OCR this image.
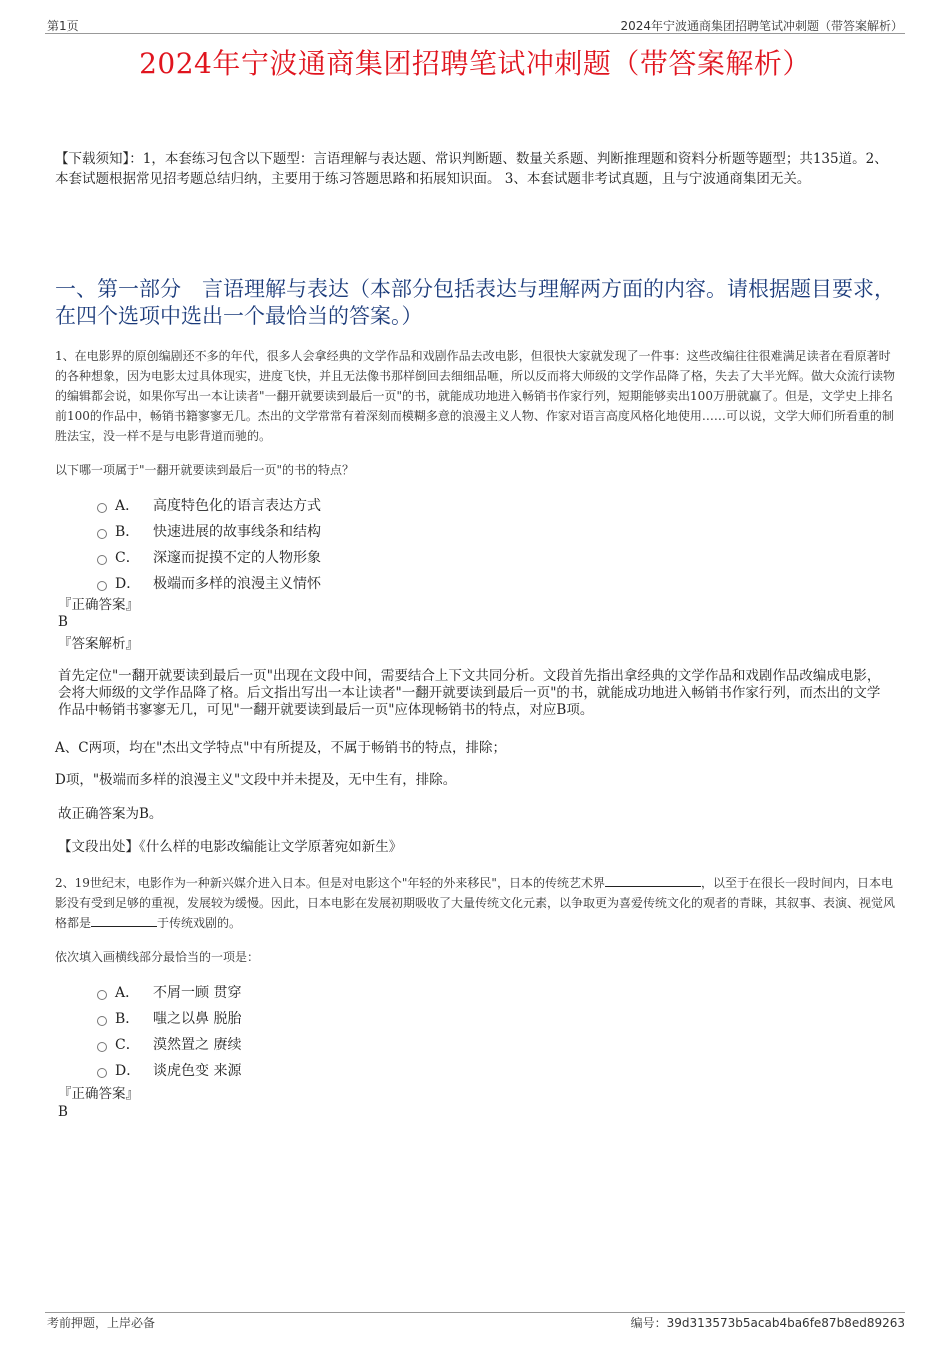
第1页	2024年宁波通商集团招聘笔试冲刺题（带答案解析）
2024年宁波通商集团招聘笔试冲刺题（带答案解析）
【下载须知】：1，本套练习包含以下题型：言语理解与表达题、常识判断题、数量关系题、判断推理题和资料分析题等题型；共135道。2、本套试题根据常见招考题总结归纳，主要用于练习答题思路和拓展知识面。 3、本套试题非考试真题，且与宁波通商集团无关。
一、第一部分　言语理解与表达（本部分包括表达与理解两方面的内容。请根据题目要求，在四个选项中选出一个最恰当的答案。）
1、在电影界的原创编剧还不多的年代，很多人会拿经典的文学作品和戏剧作品去改电影，但很快大家就发现了一件事：这些改编往往很难满足读者在看原著时的各种想象，因为电影太过具体现实，进度飞快，并且无法像书那样倒回去细细品咂，所以反而将大师级的文学作品降了格，失去了大半光辉。做大众流行读物的编辑都会说，如果你写出一本让读者"一翻开就要读到最后一页"的书，就能成功地进入畅销书作家行列，短期能够卖出100万册就赢了。但是，文学史上排名前100的作品中，畅销书籍寥寥无几。杰出的文学常常有着深刻而模糊多意的浪漫主义人物、作家对语言高度风格化地使用……可以说，文学大师们所看重的制胜法宝，没一样不是与电影背道而驰的。
以下哪一项属于"一翻开就要读到最后一页"的书的特点？
A． 高度特色化的语言表达方式
B． 快速进展的故事线条和结构
C． 深邃而捉摸不定的人物形象
D． 极端而多样的浪漫主义情怀
『正确答案』
B
『答案解析』
首先定位"一翻开就要读到最后一页"出现在文段中间，需要结合上下文共同分析。文段首先指出拿经典的文学作品和戏剧作品改编成电影，会将大师级的文学作品降了格。后文指出写出一本让读者"一翻开就要读到最后一页"的书，就能成功地进入畅销书作家行列，而杰出的文学作品中畅销书寥寥无几，可见"一翻开就要读到最后一页"应体现畅销书的特点，对应B项。
A、C两项，均在"杰出文学特点"中有所提及，不属于畅销书的特点，排除；
D项，"极端而多样的浪漫主义"文段中并未提及，无中生有，排除。
故正确答案为B。
【文段出处】《什么样的电影改编能让文学原著宛如新生》
2、19世纪末，电影作为一种新兴媒介进入日本。但是对电影这个"年轻的外来移民"，日本的传统艺术界	，以至于在很长一段时间内，日本电影没有受到足够的重视，发展较为缓慢。因此，日本电影在发展初期吸收了大量传统文化元素，以争取更为喜爱传统文化的观者的青睐，其叙事、表演、视觉风格都是	于传统戏剧的。
依次填入画横线部分最恰当的一项是：
A． 不屑一顾 贯穿
B． 嗤之以鼻 脱胎
C． 漠然置之 赓续
D． 谈虎色变 来源
『正确答案』
B
考前押题，上岸必备	编号：39d313573b5acab4ba6fe87b8ed89263
